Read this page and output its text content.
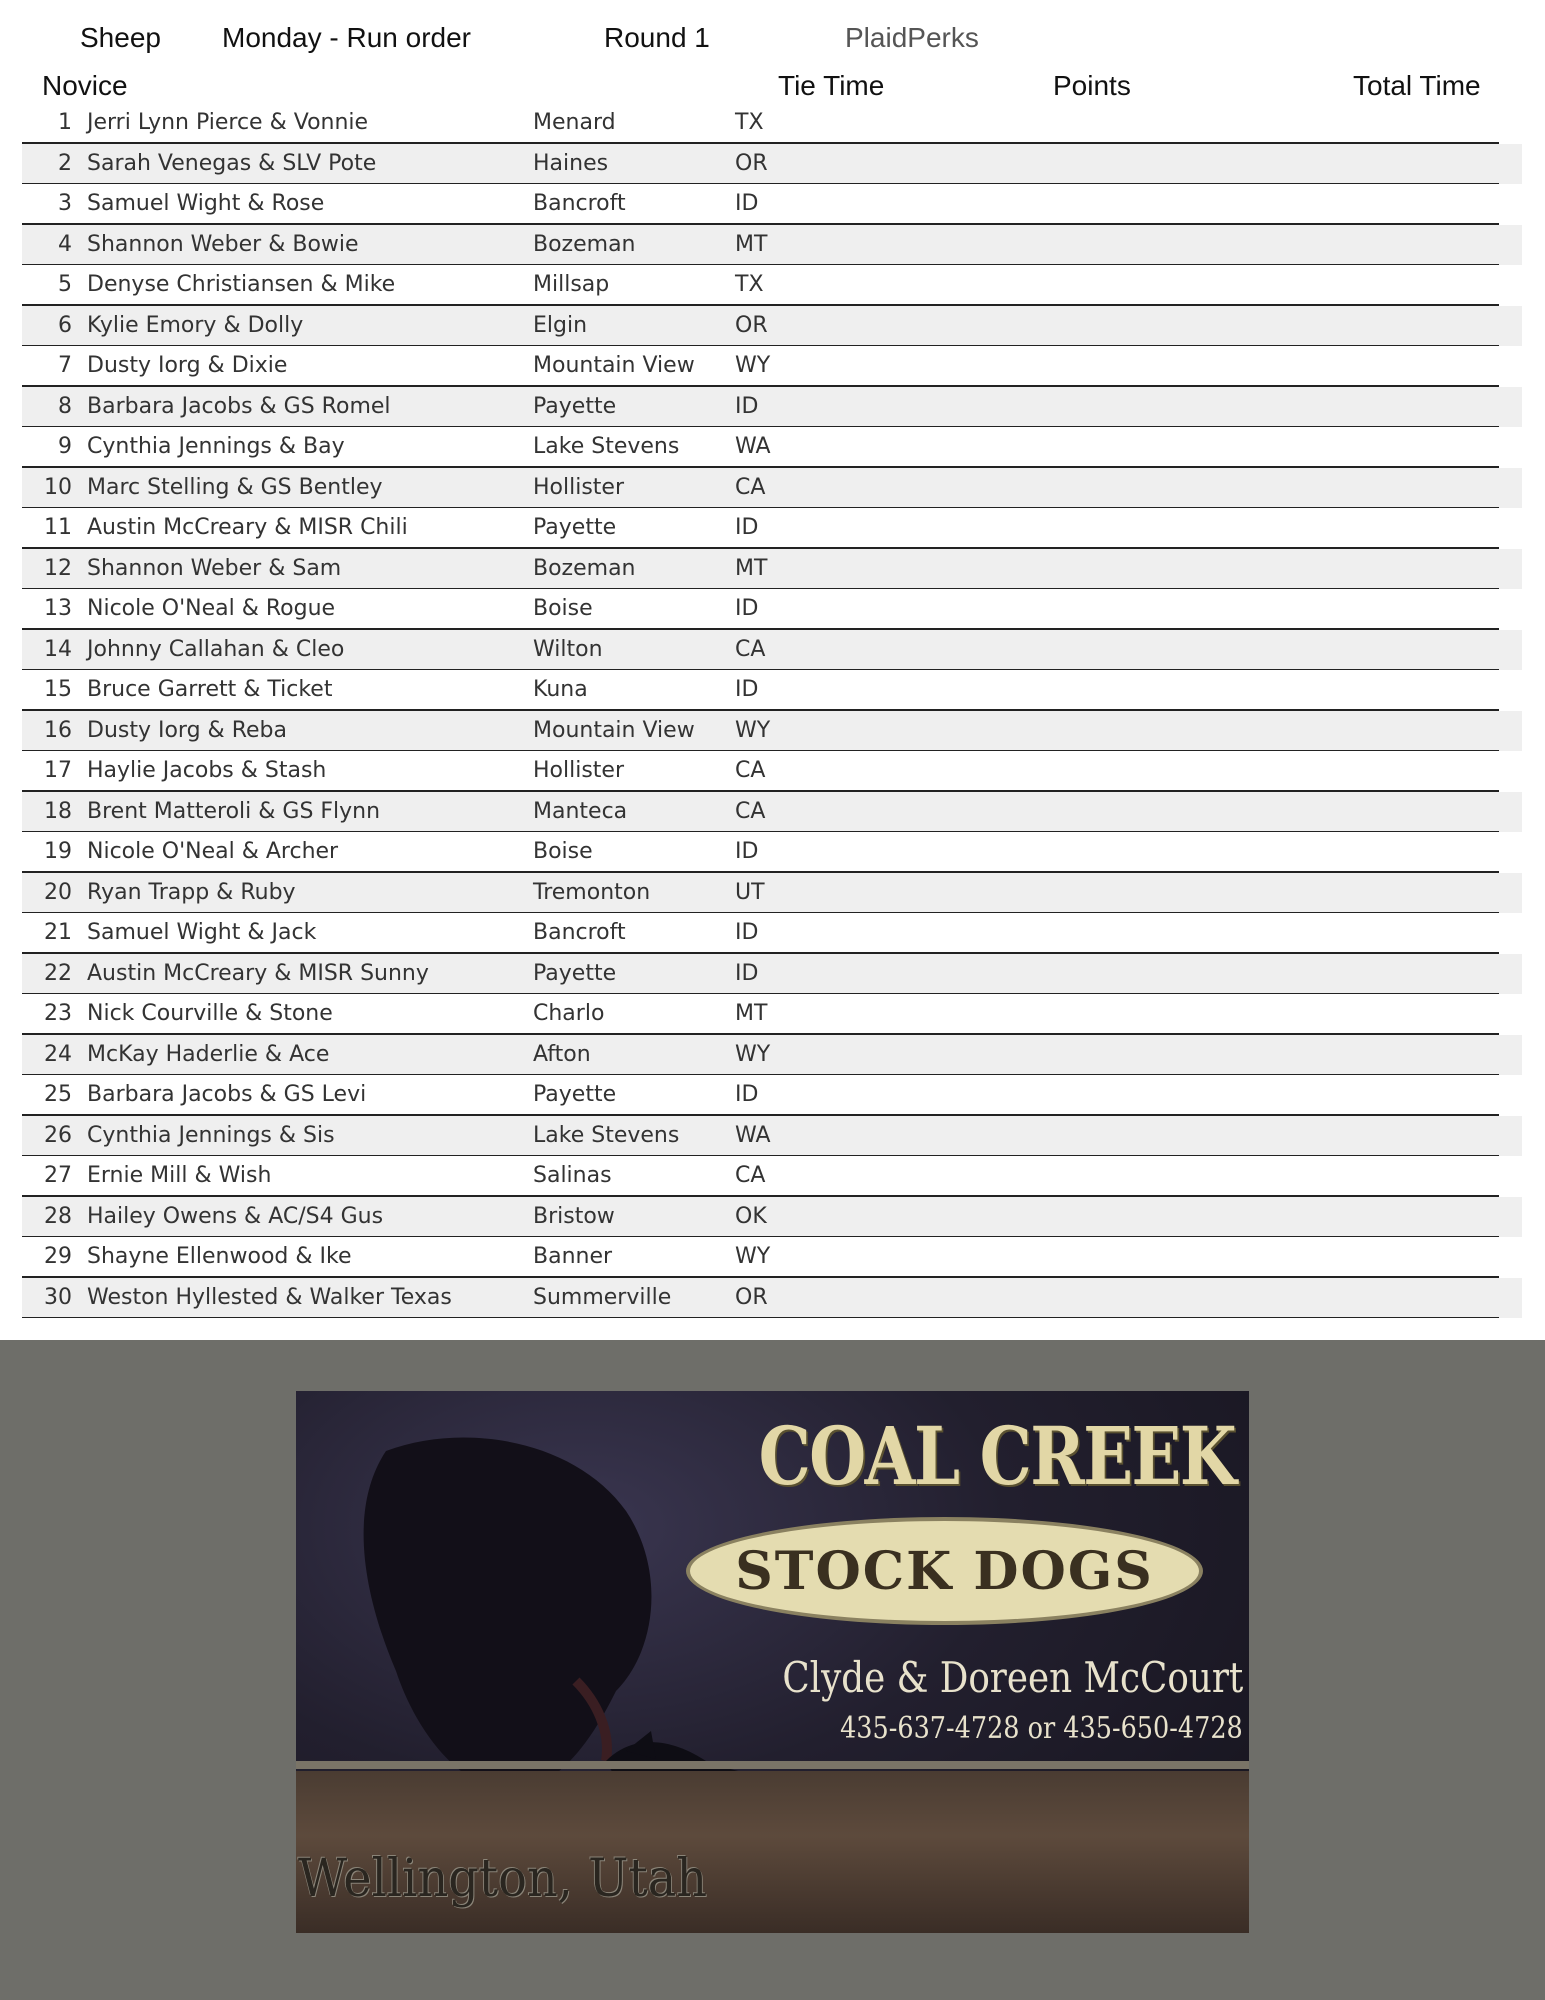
Sheep Monday - Run order	Round 1	PlaidPerks
Novice	Tie Time	Points	Total Time
1 Jerri Lynn Pierce & Vonnie	Menard	TX
2 Sarah Venegas & SLV Pote	Haines	OR
3 Samuel Wight & Rose	Bancroft	ID
4 Shannon Weber & Bowie	Bozeman	MT
5 Denyse Christiansen & Mike	Millsap	TX
6 Kylie Emory & Dolly	Elgin	OR
7 Dusty Iorg & Dixie	Mountain View WY
8 Barbara Jacobs & GS Romel	Payette	ID
9 Cynthia Jennings & Bay	Lake Stevens	WA
10 Marc Stelling & GS Bentley	Hollister	CA
11 Austin McCreary & MISR Chili	Payette	ID
12 Shannon Weber & Sam	Bozeman	MT
13 Nicole O'Neal & Rogue	Boise	ID
14 Johnny Callahan & Cleo	Wilton	CA
15 Bruce Garrett & Ticket	Kuna	ID
16 Dusty Iorg & Reba	Mountain View WY
17 Haylie Jacobs & Stash	Hollister	CA
18 Brent Matteroli & GS Flynn	Manteca	CA
19 Nicole O'Neal & Archer	Boise	ID
20 Ryan Trapp & Ruby	Tremonton	UT
21 Samuel Wight & Jack	Bancroft	ID
22 Austin McCreary & MISR Sunny	Payette	ID
23 Nick Courville & Stone	Charlo	MT
24 McKay Haderlie & Ace	Afton	WY
25 Barbara Jacobs & GS Levi	Payette	ID
26 Cynthia Jennings & Sis	Lake Stevens	WA
27 Ernie Mill & Wish	Salinas	CA
28 Hailey Owens & AC/S4 Gus	Bristow	OK
29 Shayne Ellenwood & Ike	Banner	WY
30 Weston Hyllested & Walker Texas	Summerville	OR
COAL CREEK
STOCK DOGS
Clyde & Doreen McCourt
435-637-4728 or 435-650-4728
Wellington, Utah
